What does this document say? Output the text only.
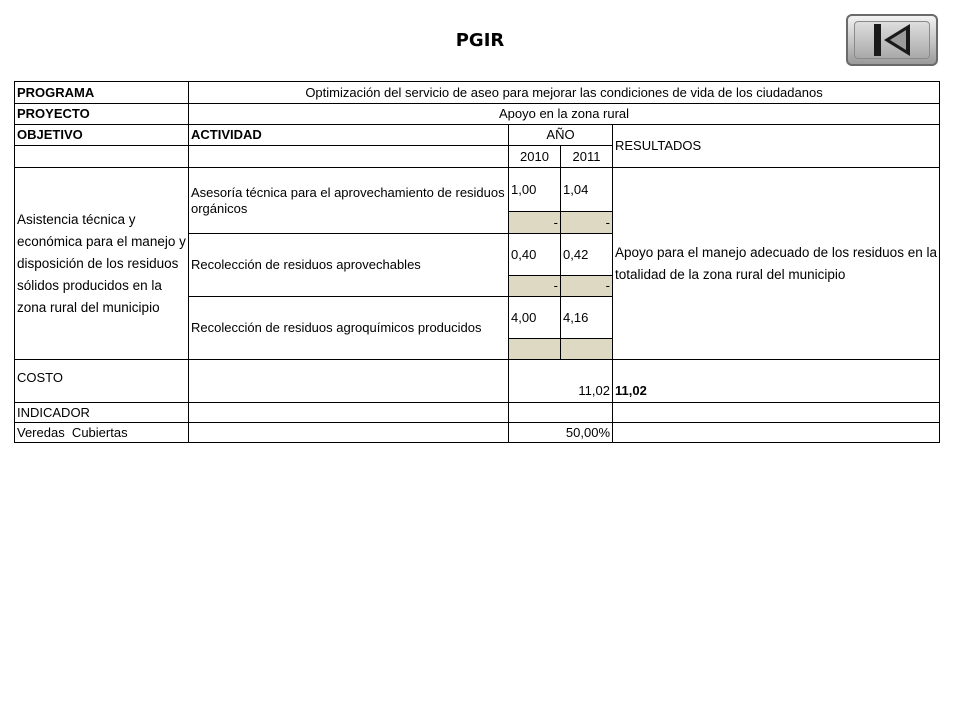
PGIR
PROGRAMA	Optimización del servicio de aseo para mejorar las condiciones de vida de los ciudadanos			
PROYECTO	Apoyo en la zona rural			
OBJETIVO	ACTIVIDAD	AÑO		RESULTADOS
		2010	2011	
Asistencia técnica y económica para el manejo y disposición de los residuos sólidos producidos en la zona rural del municipio	Asesoría técnica para el aprovechamiento de residuos orgánicos	1,00	1,04	Apoyo para el manejo adecuado de los residuos en la totalidad de la zona rural del municipio
		-	-	
	Recolección de residuos aprovechables	0,40	0,42	
		-	-	
	Recolección de residuos agroquímicos producidos	4,00	4,16	

COSTO		11,02		11,02
INDICADOR				
Veredas  Cubiertas		50,00%		
